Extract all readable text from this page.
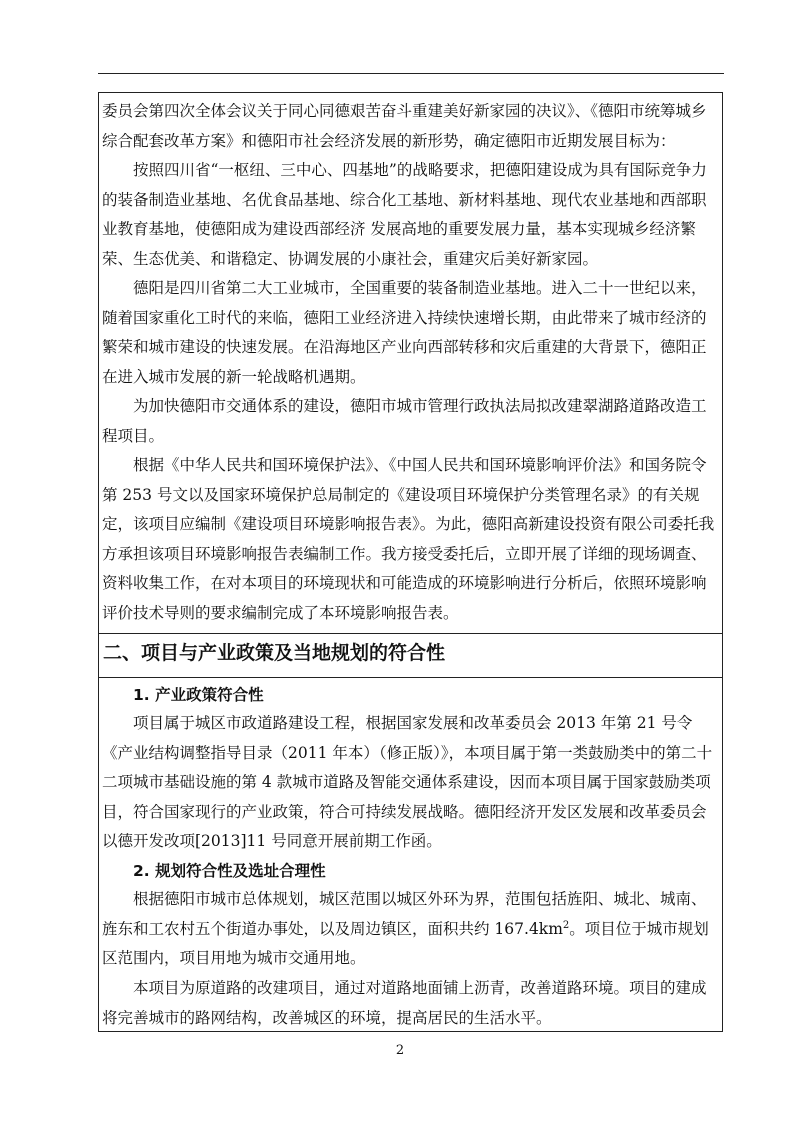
委员会第四次全体会议关于同心同德艰苦奋斗重建美好新家园的决议》、《德阳市统筹城乡综合配套改革方案》和德阳市社会经济发展的新形势，确定德阳市近期发展目标为：

按照四川省“一枢纽、三中心、四基地”的战略要求，把德阳建设成为具有国际竞争力的装备制造业基地、名优食品基地、综合化工基地、新材料基地、现代农业基地和西部职业教育基地，使德阳成为建设西部经济 发展高地的重要发展力量，基本实现城乡经济繁荣、生态优美、和谐稳定、协调发展的小康社会，重建灾后美好新家园。

德阳是四川省第二大工业城市，全国重要的装备制造业基地。进入二十一世纪以来，随着国家重化工时代的来临，德阳工业经济进入持续快速增长期，由此带来了城市经济的繁荣和城市建设的快速发展。在沿海地区产业向西部转移和灾后重建的大背景下，德阳正在进入城市发展的新一轮战略机遇期。

为加快德阳市交通体系的建设，德阳市城市管理行政执法局拟改建翠湖路道路改造工程项目。

根据《中华人民共和国环境保护法》、《中国人民共和国环境影响评价法》和国务院令第 253 号文以及国家环境保护总局制定的《建设项目环境保护分类管理名录》的有关规定，该项目应编制《建设项目环境影响报告表》。为此，德阳高新建设投资有限公司委托我方承担该项目环境影响报告表编制工作。我方接受委托后，立即开展了详细的现场调查、资料收集工作，在对本项目的环境现状和可能造成的环境影响进行分析后，依照环境影响评价技术导则的要求编制完成了本环境影响报告表。

二、项目与产业政策及当地规划的符合性
1. 产业政策符合性

项目属于城区市政道路建设工程，根据国家发展和改革委员会 2013 年第 21 号令《产业结构调整指导目录（2011 年本）（修正版）》，本项目属于第一类鼓励类中的第二十二项城市基础设施的第 4 款城市道路及智能交通体系建设，因而本项目属于国家鼓励类项目，符合国家现行的产业政策，符合可持续发展战略。德阳经济开发区发展和改革委员会以德开发改项[2013]11 号同意开展前期工作函。

2. 规划符合性及选址合理性

根据德阳市城市总体规划，城区范围以城区外环为界，范围包括旌阳、城北、城南、旌东和工农村五个街道办事处，以及周边镇区，面积共约 $167.4km^2$。项目位于城市规划区范围内，项目用地为城市交通用地。

本项目为原道路的改建项目，通过对道路地面铺上沥青，改善道路环境。项目的建成将完善城市的路网结构，改善城区的环境，提高居民的生活水平。

2
